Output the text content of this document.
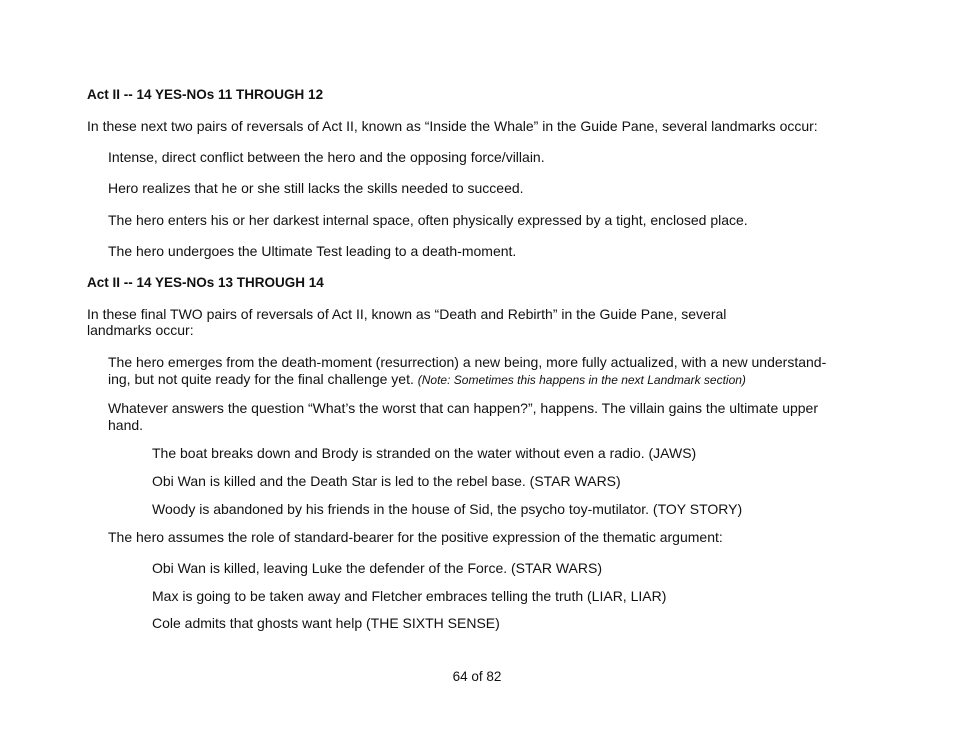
Act II -- 14 YES-NOs 11 THROUGH 12

In these next two pairs of reversals of Act II, known as “Inside the Whale” in the Guide Pane, several landmarks occur:

Intense, direct conflict between the hero and the opposing force/villain.

Hero realizes that he or she still lacks the skills needed to succeed.

The hero enters his or her darkest internal space, often physically expressed by a tight, enclosed place.

The hero undergoes the Ultimate Test leading to a death-moment.

Act II -- 14 YES-NOs 13 THROUGH 14

In these final TWO pairs of reversals of Act II, known as “Death and Rebirth” in the Guide Pane, several

landmarks occur:

The hero emerges from the death-moment (resurrection) a new being, more fully actualized, with a new understand-

ing, but not quite ready for the final challenge yet. (Note: Sometimes this happens in the next Landmark section)

Whatever answers the question “What’s the worst that can happen?”, happens. The villain gains the ultimate upper

hand.

The boat breaks down and Brody is stranded on the water without even a radio. (JAWS)

Obi Wan is killed and the Death Star is led to the rebel base. (STAR WARS)

Woody is abandoned by his friends in the house of Sid, the psycho toy-mutilator. (TOY STORY)

The hero assumes the role of standard-bearer for the positive expression of the thematic argument:

Obi Wan is killed, leaving Luke the defender of the Force. (STAR WARS)

Max is going to be taken away and Fletcher embraces telling the truth (LIAR, LIAR)

Cole admits that ghosts want help (THE SIXTH SENSE)

64 of 82
